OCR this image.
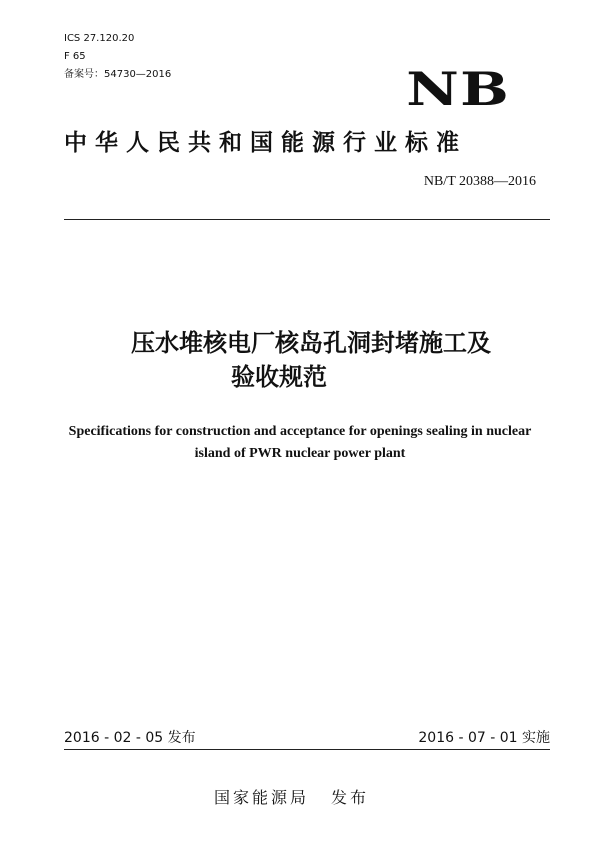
ICS 27.120.20
F 65
备案号：54730—2016	NB
中华人民共和国能源行业标准
NB/T 20388—2016
压水堆核电厂核岛孔洞封堵施工及
验收规范
Specifications for construction and acceptance for openings sealing in nuclear
island of PWR nuclear power plant
2016 - 02 - 05 发布	2016 - 07 - 01 实施
国家能源局 发布
